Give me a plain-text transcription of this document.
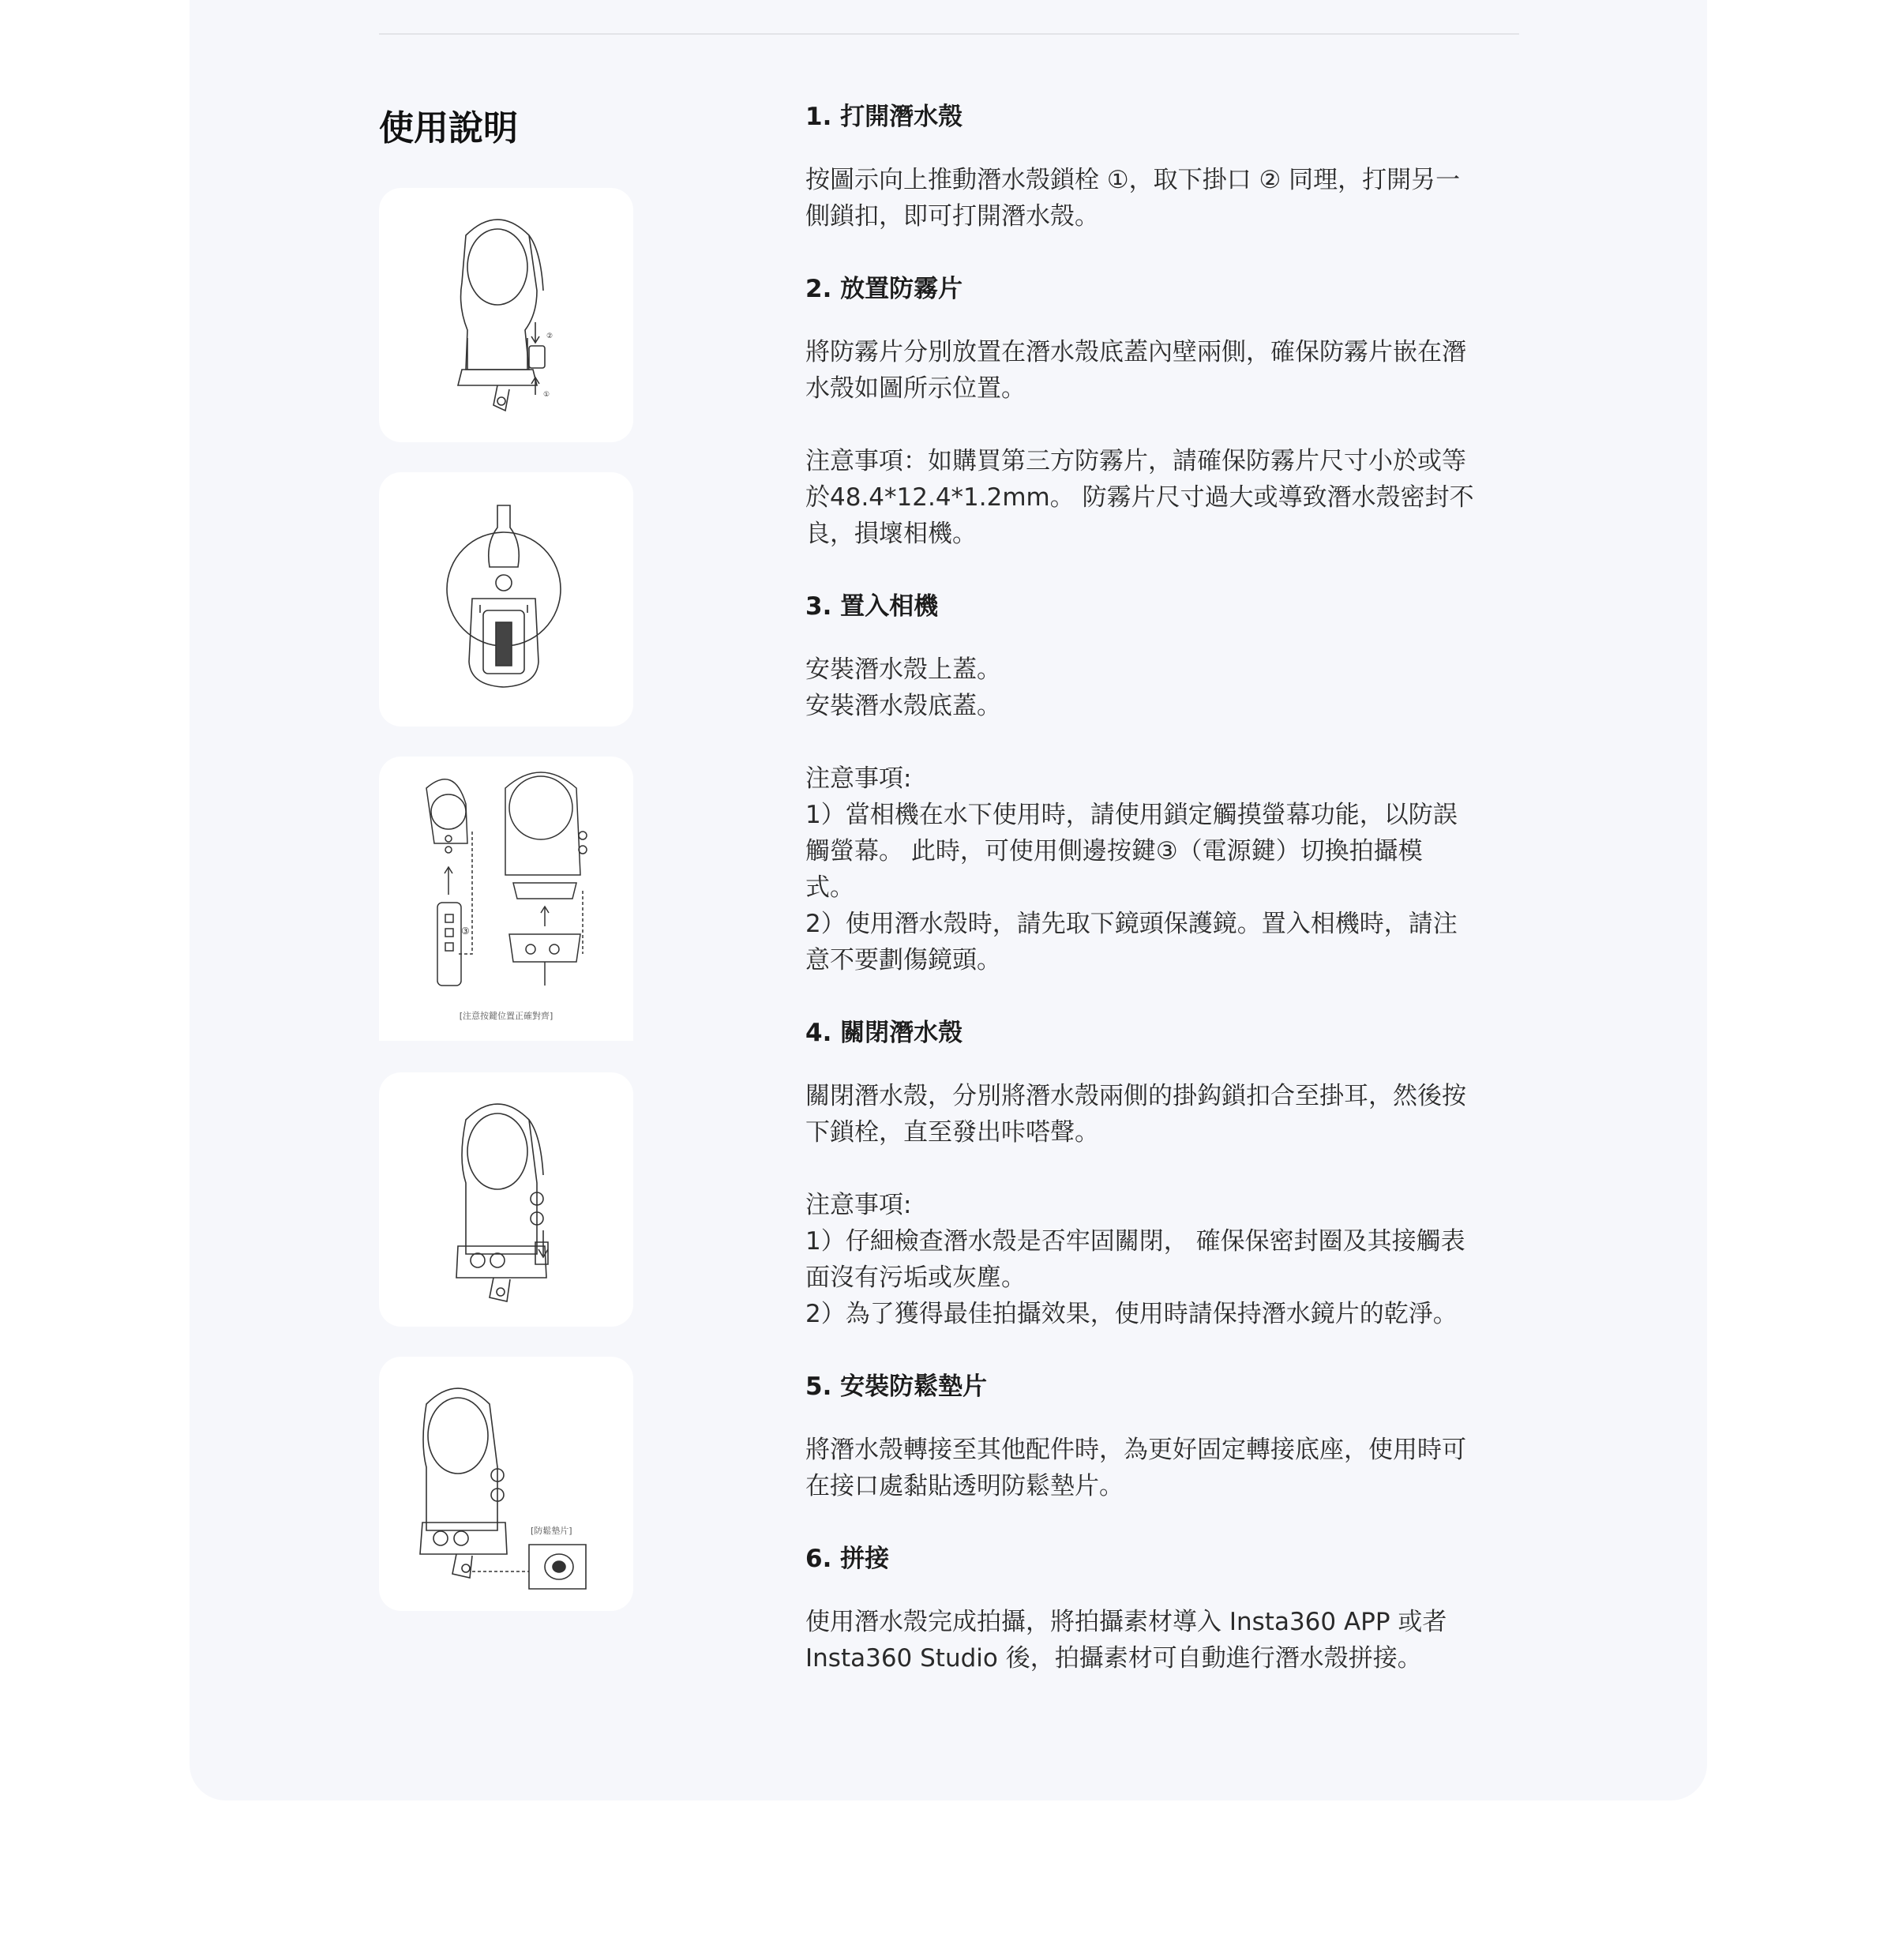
使用說明
②
①
③
[注意按鍵位置正確對齊]
[防鬆墊片]
1. 打開潛水殼

按圖示向上推動潛水殼鎖栓 ①，取下掛口 ② 同理，打開另一
側鎖扣，即可打開潛水殼。

2. 放置防霧片

將防霧片分別放置在潛水殼底蓋內壁兩側，確保防霧片嵌在潛
水殼如圖所示位置。

注意事項：如購買第三方防霧片，請確保防霧片尺寸小於或等
於48.4*12.4*1.2mm。 防霧片尺寸過大或導致潛水殼密封不
良，損壞相機。

3. 置入相機

安裝潛水殼上蓋。
安裝潛水殼底蓋。

注意事項:
1）當相機在水下使用時，請使用鎖定觸摸螢幕功能，以防誤
觸螢幕。 此時，可使用側邊按鍵③（電源鍵）切換拍攝模
式。
2）使用潛水殼時，請先取下鏡頭保護鏡。置入相機時，請注
意不要劃傷鏡頭。

4. 關閉潛水殼

關閉潛水殼，分別將潛水殼兩側的掛鈎鎖扣合至掛耳，然後按
下鎖栓，直至發出咔嗒聲。

注意事項:
1）仔細檢查潛水殼是否牢固關閉， 確保保密封圈及其接觸表
面沒有污垢或灰塵。
2）為了獲得最佳拍攝效果，使用時請保持潛水鏡片的乾淨。

5. 安裝防鬆墊片

將潛水殼轉接至其他配件時，為更好固定轉接底座，使用時可
在接口處黏貼透明防鬆墊片。

6. 拼接

使用潛水殼完成拍攝，將拍攝素材導入 Insta360 APP 或者
Insta360 Studio 後，拍攝素材可自動進行潛水殼拼接。
